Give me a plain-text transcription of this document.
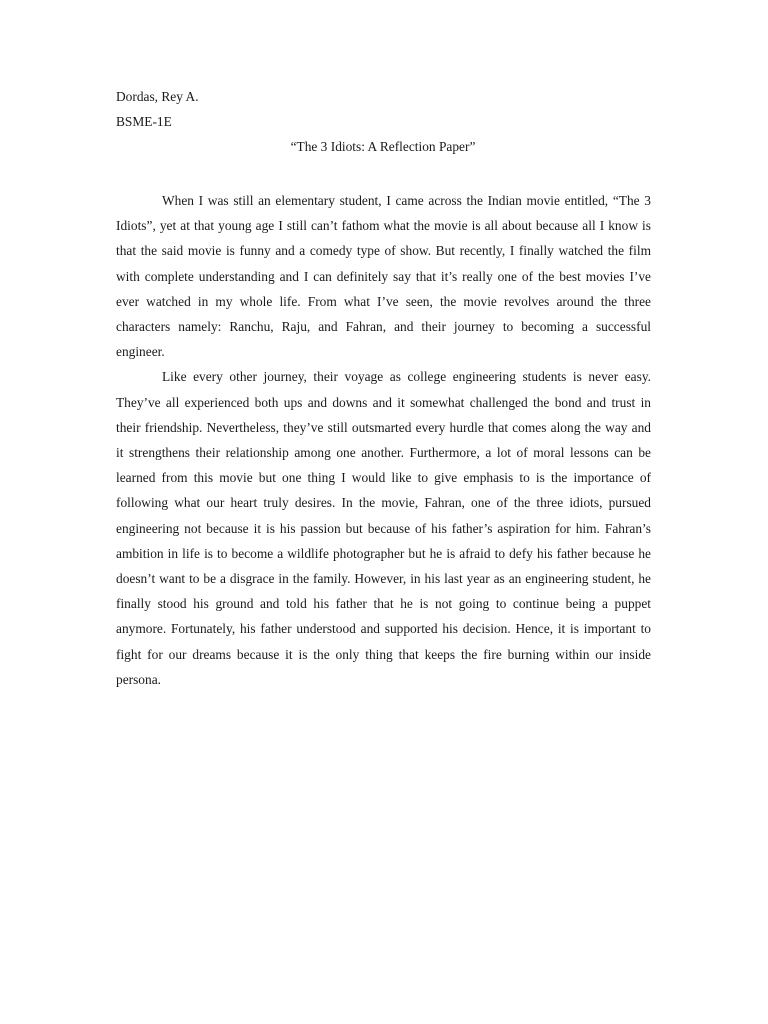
Dordas, Rey A.
BSME-1E
“The 3 Idiots: A Reflection Paper”

When I was still an elementary student, I came across the Indian movie entitled, “The 3 Idiots”, yet at that young age I still can’t fathom what the movie is all about because all I know is that the said movie is funny and a comedy type of show. But recently, I finally watched the film with complete understanding and I can definitely say that it’s really one of the best movies I’ve ever watched in my whole life. From what I’ve seen, the movie revolves around the three characters namely: Ranchu, Raju, and Fahran, and their journey to becoming a successful engineer.

Like every other journey, their voyage as college engineering students is never easy. They’ve all experienced both ups and downs and it somewhat challenged the bond and trust in their friendship. Nevertheless, they’ve still outsmarted every hurdle that comes along the way and it strengthens their relationship among one another. Furthermore, a lot of moral lessons can be learned from this movie but one thing I would like to give emphasis to is the importance of following what our heart truly desires. In the movie, Fahran, one of the three idiots, pursued engineering not because it is his passion but because of his father’s aspiration for him. Fahran’s ambition in life is to become a wildlife photographer but he is afraid to defy his father because he doesn’t want to be a disgrace in the family. However, in his last year as an engineering student, he finally stood his ground and told his father that he is not going to continue being a puppet anymore. Fortunately, his father understood and supported his decision. Hence, it is important to fight for our dreams because it is the only thing that keeps the fire burning within our inside persona.
